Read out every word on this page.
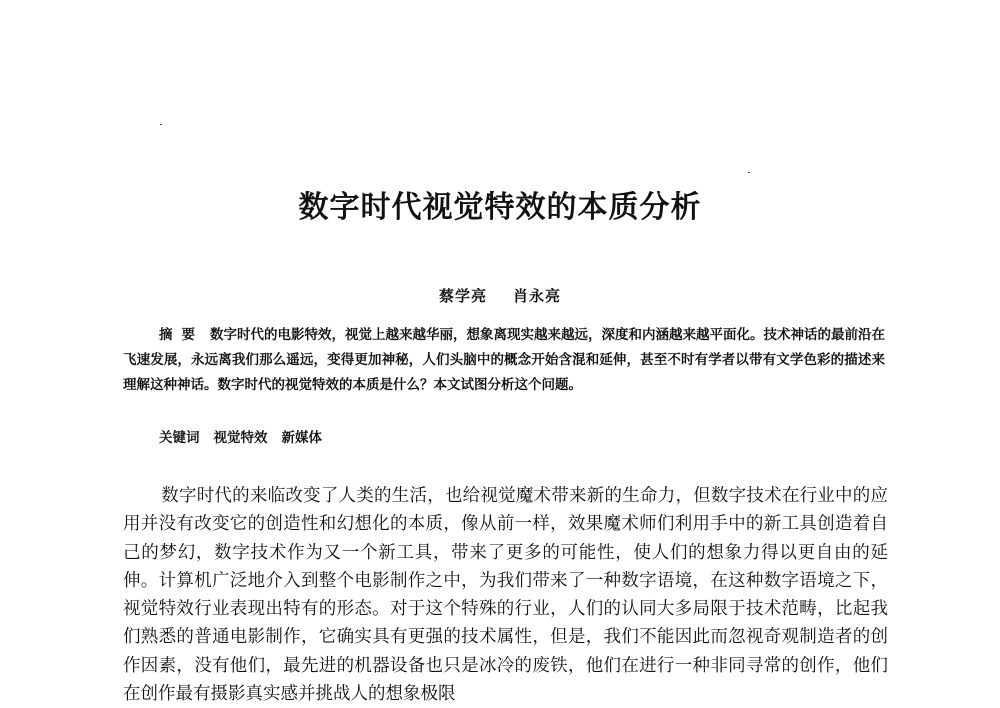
数字时代视觉特效的本质分析
蔡学亮 肖永亮
摘要 数字时代的电影特效，视觉上越来越华丽，想象离现实越来越远，深度和内涵越来越平面化。技术神话的最前沿在飞速发展，永远离我们那么遥远，变得更加神秘，人们头脑中的概念开始含混和延伸，甚至不时有学者以带有文学色彩的描述来理解这种神话。数字时代的视觉特效的本质是什么？本文试图分析这个问题。
关键词 视觉特效 新媒体
数字时代的来临改变了人类的生活，也给视觉魔术带来新的生命力，但数字技术在行业中的应用并没有改变它的创造性和幻想化的本质，像从前一样，效果魔术师们利用手中的新工具创造着自己的梦幻，数字技术作为又一个新工具，带来了更多的可能性，使人们的想象力得以更自由的延伸。计算机广泛地介入到整个电影制作之中，为我们带来了一种数字语境，在这种数字语境之下，视觉特效行业表现出特有的形态。对于这个特殊的行业，人们的认同大多局限于技术范畴，比起我们熟悉的普通电影制作，它确实具有更强的技术属性，但是，我们不能因此而忽视奇观制造者的创作因素，没有他们，最先进的机器设备也只是冰冷的废铁，他们在进行一种非同寻常的创作，他们在创作最有摄影真实感并挑战人的想象极限
